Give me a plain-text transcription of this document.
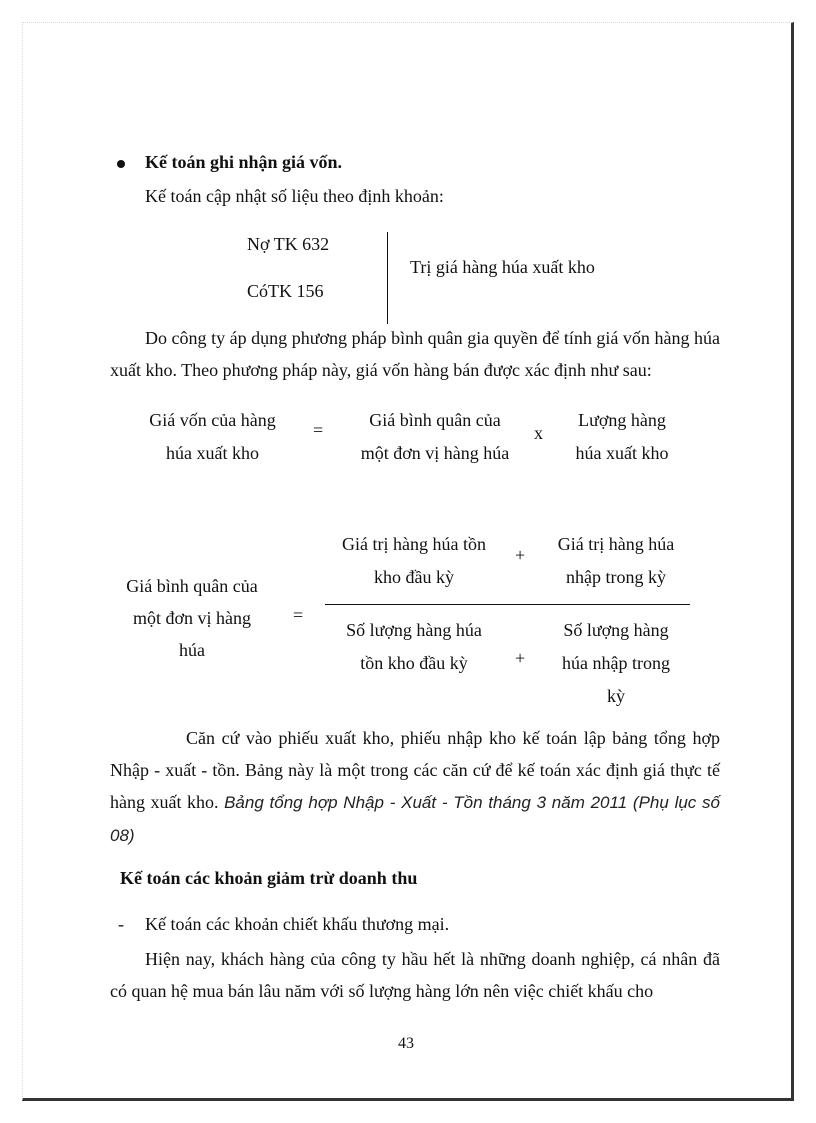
Kế toán ghi nhận giá vốn.
Kế toán cập nhật số liệu theo định khoản:
Nợ TK 632
CóTK 156
Trị giá hàng húa xuất kho
Do công ty áp dụng phương pháp bình quân gia quyền để tính giá vốn hàng húa xuất kho. Theo phương pháp này, giá vốn hàng bán được xác định như sau:
Giá vốn của hàng
húa xuất kho
=	Giá bình quân của
một đơn vị hàng húa
x
Lượng hàng
húa xuất kho
Giá bình quân của
một đơn vị hàng
húa
=
Giá trị hàng húa tồn
kho đầu kỳ
+
Giá trị hàng húa
nhập trong kỳ
Số lượng hàng húa
tồn kho đầu kỳ	+
Số lượng hàng
húa nhập trong
kỳ
Căn cứ vào phiếu xuất kho, phiếu nhập kho kế toán lập bảng tổng hợp Nhập - xuất - tồn. Bảng này là một trong các căn cứ để kế toán xác định giá thực tế hàng xuất kho. Bảng tổng hợp Nhập - Xuất - Tồn tháng 3 năm 2011 (Phụ lục số 08)
Kế toán các khoản giảm trừ doanh thu
- Kế toán các khoản chiết khấu thương mại.
Hiện nay, khách hàng của công ty hầu hết là những doanh nghiệp, cá nhân đã có quan hệ mua bán lâu năm với số lượng hàng lớn nên việc chiết khấu cho
43
